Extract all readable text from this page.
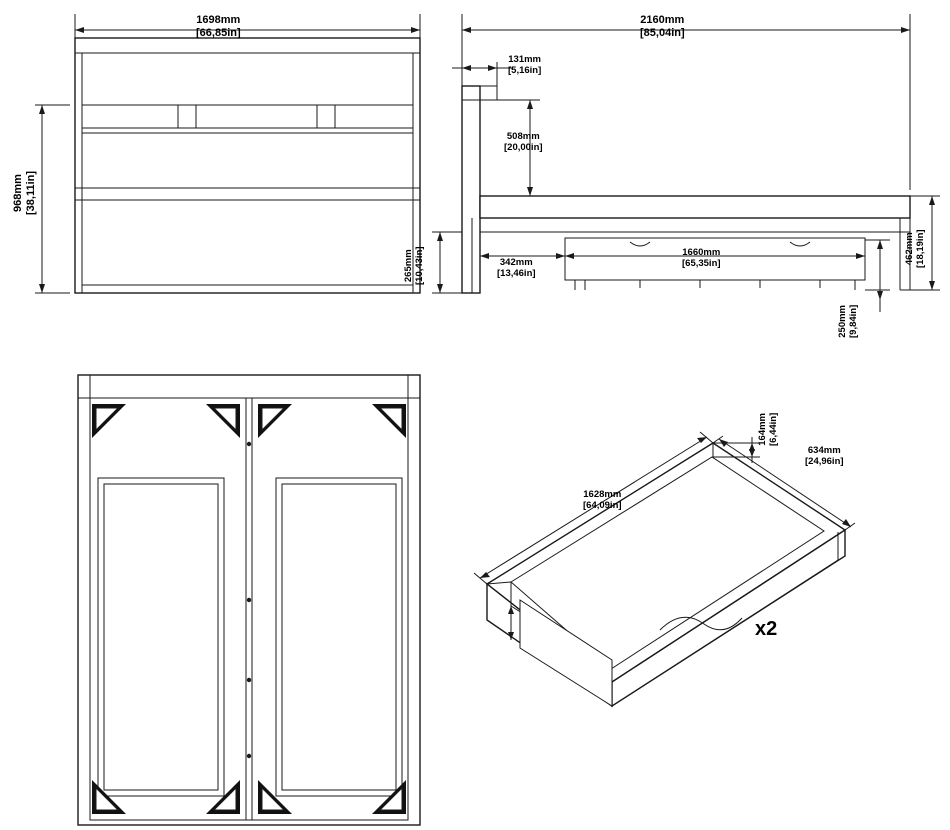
1698mm
[66,85in]
968mm [38,11in]
2160mm
[85,04in]
131mm
[5,16in]
508mm
[20,00in]
265mm [10,43in]	342mm
[13,46in]
1660mm
[65,35in]	462mm [18,19in]
250mm [9,84in]
1628mm
[64,09in]
634mm
[24,96in]
164mm [6,44in]
x2
